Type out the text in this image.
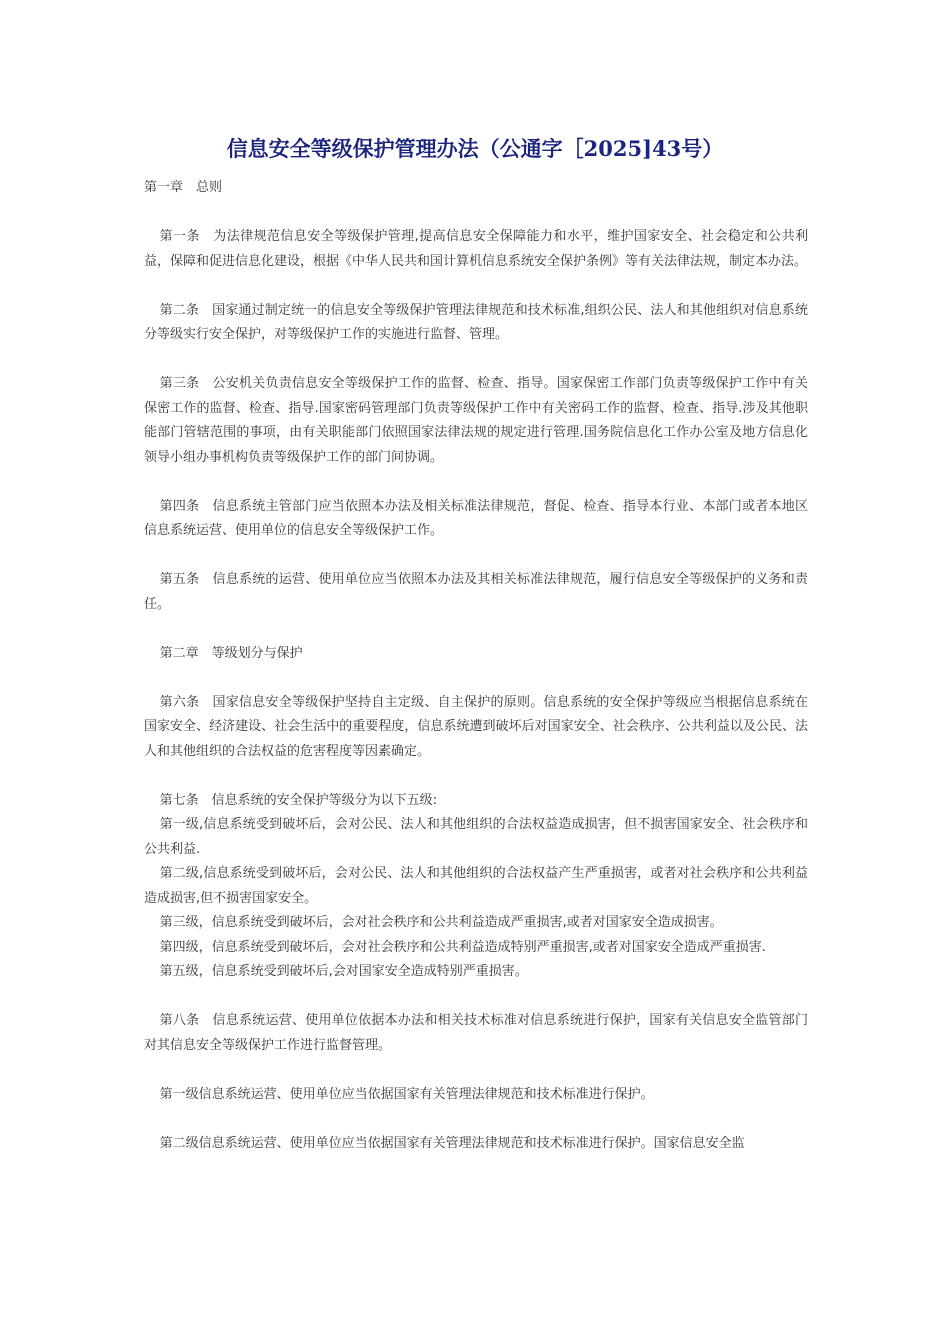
信息安全等级保护管理办法（公通字［2025]43号）

第一章　总则

第一条　为法律规范信息安全等级保护管理,提高信息安全保障能力和水平，维护国家安全、社会稳定和公共利益，保障和促进信息化建设，根据《中华人民共和国计算机信息系统安全保护条例》等有关法律法规，制定本办法。

第二条　国家通过制定统一的信息安全等级保护管理法律规范和技术标准,组织公民、法人和其他组织对信息系统分等级实行安全保护，对等级保护工作的实施进行监督、管理。

第三条　公安机关负责信息安全等级保护工作的监督、检查、指导。国家保密工作部门负责等级保护工作中有关保密工作的监督、检查、指导.国家密码管理部门负责等级保护工作中有关密码工作的监督、检查、指导.涉及其他职能部门管辖范围的事项，由有关职能部门依照国家法律法规的规定进行管理.国务院信息化工作办公室及地方信息化领导小组办事机构负责等级保护工作的部门间协调。

第四条　信息系统主管部门应当依照本办法及相关标准法律规范，督促、检查、指导本行业、本部门或者本地区信息系统运营、使用单位的信息安全等级保护工作。

第五条　信息系统的运营、使用单位应当依照本办法及其相关标准法律规范，履行信息安全等级保护的义务和责任。

第二章　等级划分与保护

第六条　国家信息安全等级保护坚持自主定级、自主保护的原则。信息系统的安全保护等级应当根据信息系统在国家安全、经济建设、社会生活中的重要程度，信息系统遭到破坏后对国家安全、社会秩序、公共利益以及公民、法人和其他组织的合法权益的危害程度等因素确定。

第七条　信息系统的安全保护等级分为以下五级:

第一级,信息系统受到破坏后，会对公民、法人和其他组织的合法权益造成损害，但不损害国家安全、社会秩序和公共利益.

第二级,信息系统受到破坏后，会对公民、法人和其他组织的合法权益产生严重损害，或者对社会秩序和公共利益造成损害,但不损害国家安全。

第三级，信息系统受到破坏后，会对社会秩序和公共利益造成严重损害,或者对国家安全造成损害。

第四级，信息系统受到破坏后，会对社会秩序和公共利益造成特别严重损害,或者对国家安全造成严重损害.

第五级，信息系统受到破坏后,会对国家安全造成特别严重损害。

第八条　信息系统运营、使用单位依据本办法和相关技术标准对信息系统进行保护，国家有关信息安全监管部门对其信息安全等级保护工作进行监督管理。

第一级信息系统运营、使用单位应当依据国家有关管理法律规范和技术标准进行保护。

第二级信息系统运营、使用单位应当依据国家有关管理法律规范和技术标准进行保护。国家信息安全监
